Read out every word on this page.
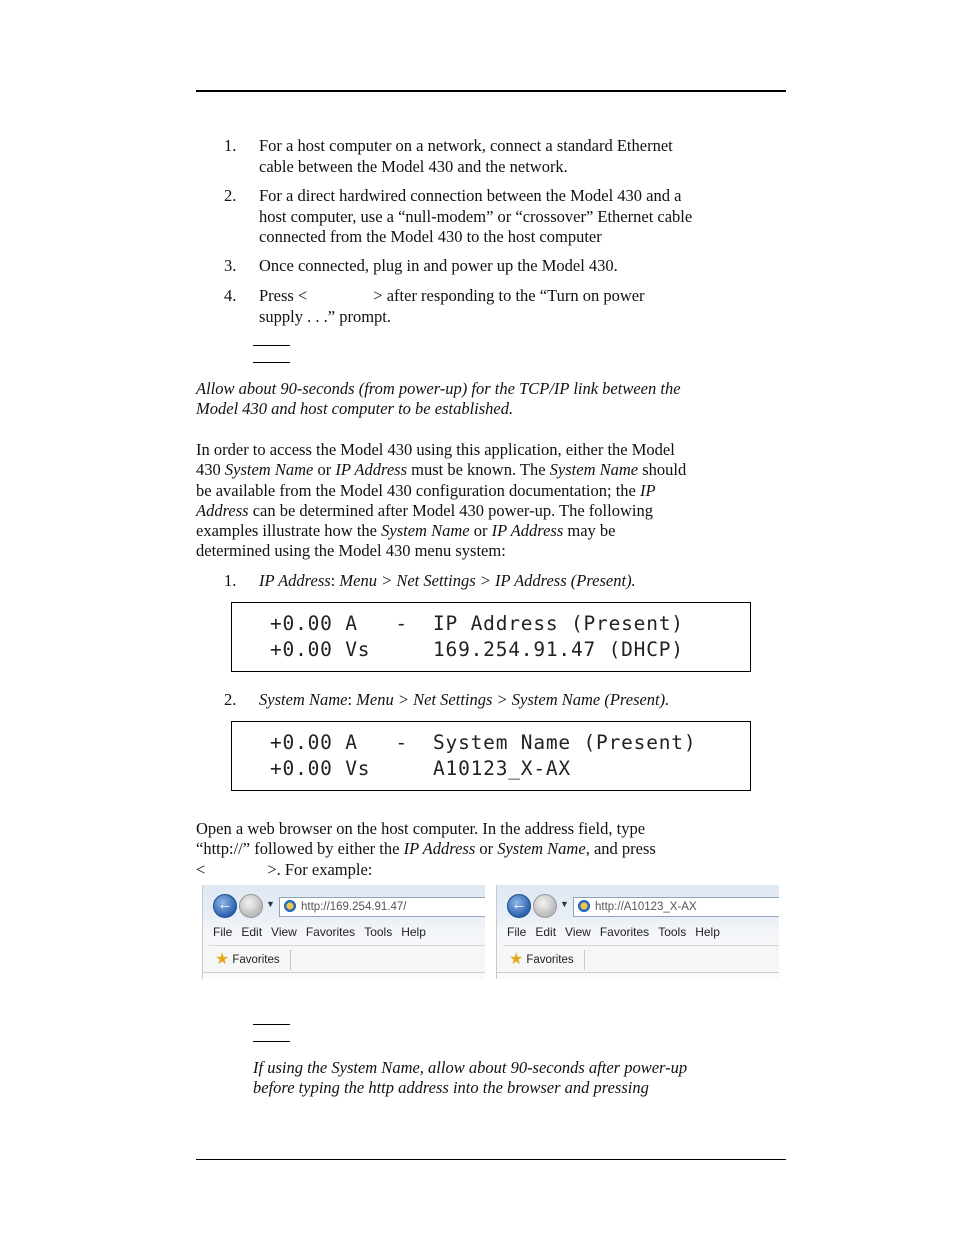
1. For a host computer on a network, connect a standard Ethernet
cable between the Model 430 and the network.
2. For a direct hardwired connection between the Model 430 and a
host computer, use a “null-modem” or “crossover” Ethernet cable
connected from the Model 430 to the host computer
3. Once connected, plug in and power up the Model 430.
4. Press <	> after responding to the “Turn on power
supply . . .” prompt.
Allow about 90-seconds (from power-up) for the TCP/IP link between the
Model 430 and host computer to be established.
In order to access the Model 430 using this application, either the Model
430 System Name or IP Address must be known. The System Name should
be available from the Model 430 configuration documentation; the IP
Address can be determined after Model 430 power-up. The following
examples illustrate how the System Name or IP Address may be
determined using the Model 430 menu system:
1. IP Address: Menu > Net Settings > IP Address (Present).
+0.00 A   -  IP Address (Present)
+0.00 Vs     169.254.91.47 (DHCP)
2. System Name: Menu > Net Settings > System Name (Present).
+0.00 A   -  System Name (Present)
+0.00 Vs     A10123_X-AX
Open a web browser on the host computer. In the address field, type
“http://” followed by either the IP Address or System Name, and press
<	>. For example:
← → ▼	http://169.254.91.47/
File Edit View Favorites Tools Help
★ Favorites
← → ▼	http://A10123_X-AX
File Edit View Favorites Tools Help
★ Favorites
If using the System Name, allow about 90-seconds after power-up
before typing the http address into the browser and pressing
